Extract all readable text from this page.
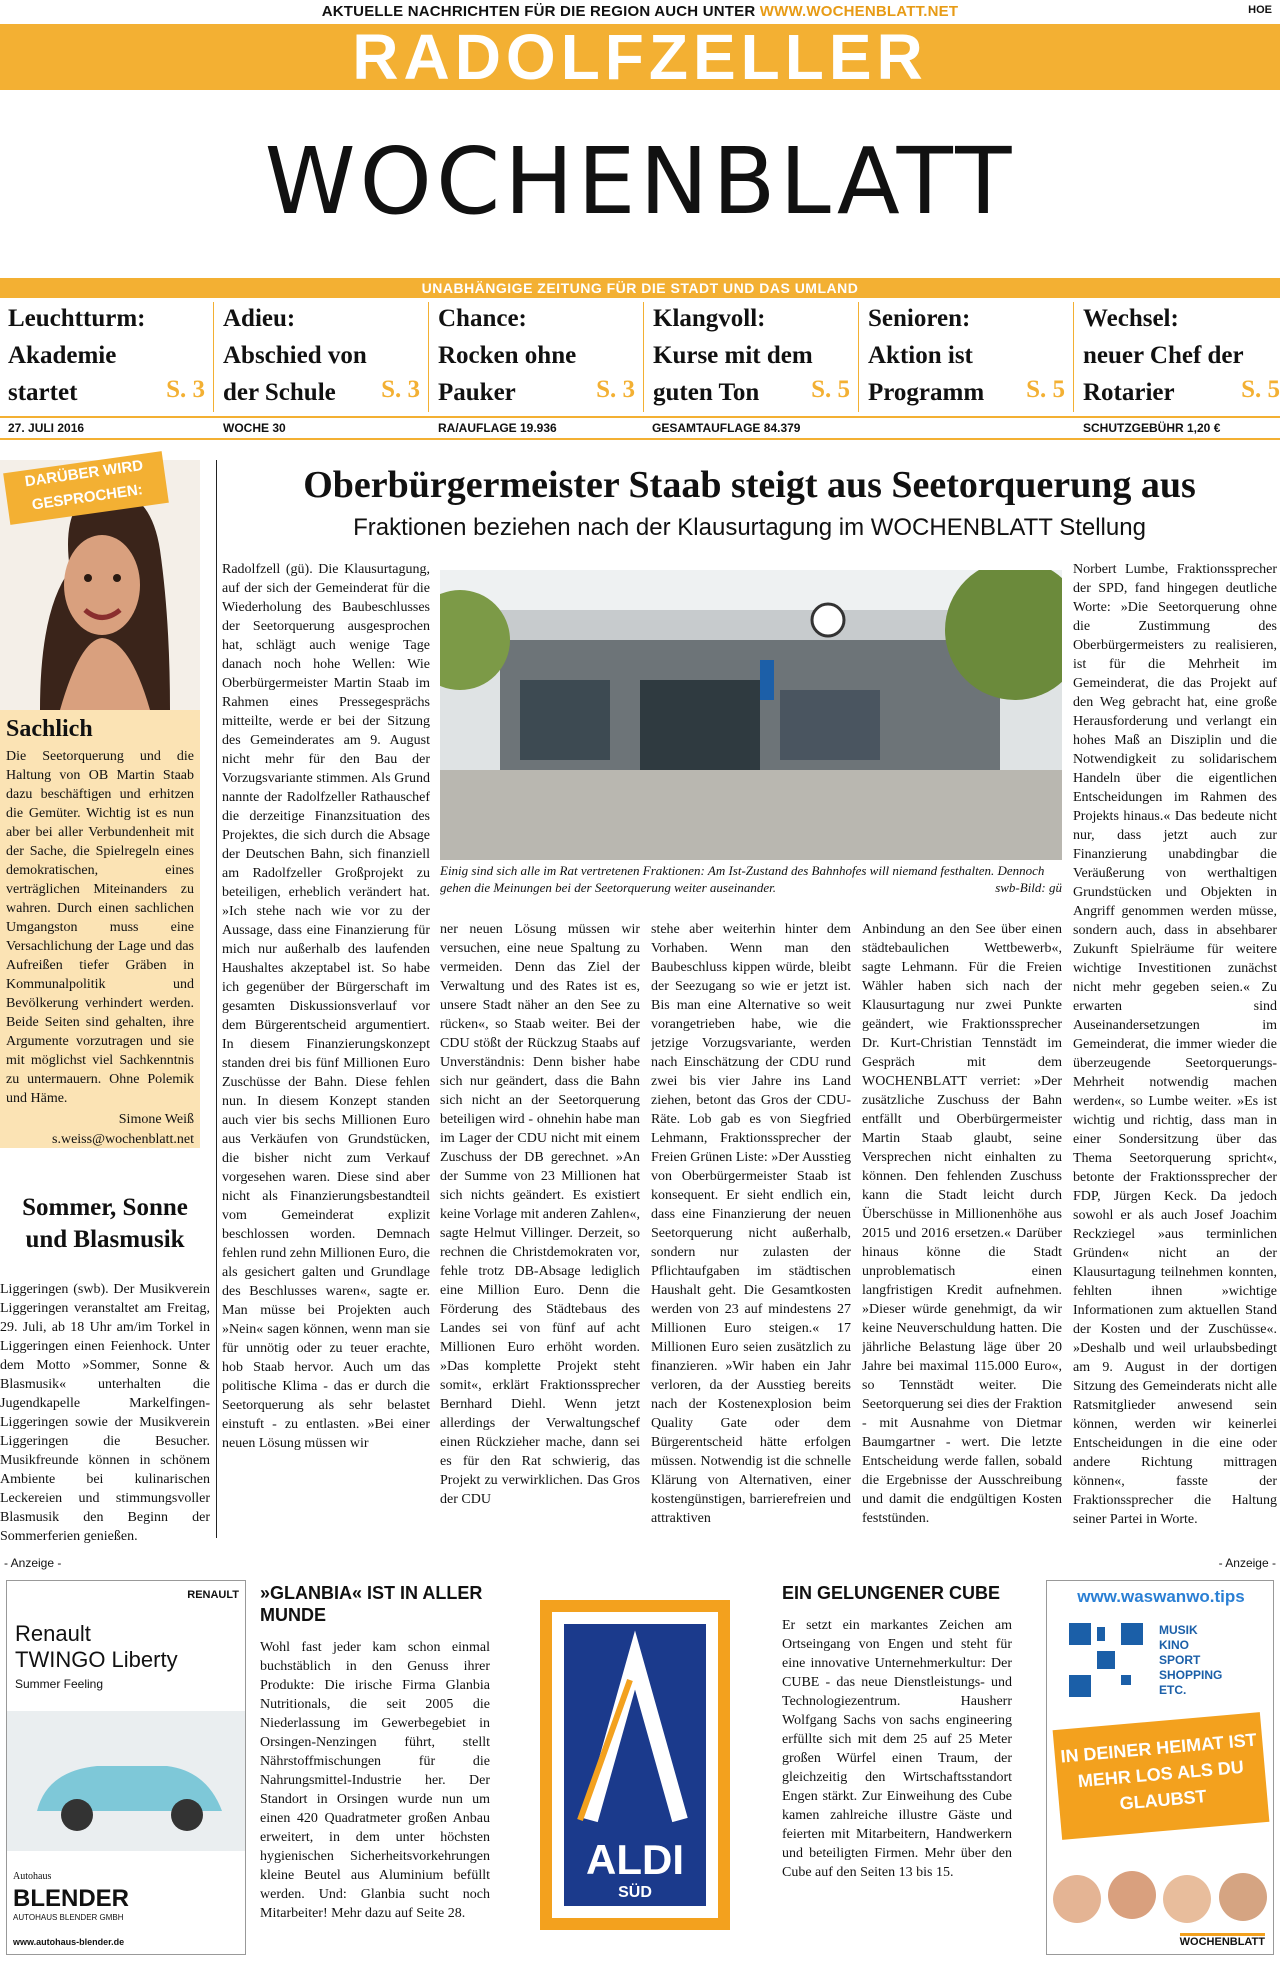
AKTUELLE NACHRICHTEN FÜR DIE REGION AUCH UNTER WWW.WOCHENBLATT.NET	HOE
RADOLFZELLER
WOCHENBLATT
UNABHÄNGIGE ZEITUNG FÜR DIE STADT UND DAS UMLAND
Leuchtturm:
Akademie
startet	S. 3
Adieu:
Abschied von
der Schule	S. 3
Chance:
Rocken ohne
Pauker	S. 3
Klangvoll:
Kurse mit dem
guten Ton	S. 5
Senioren:
Aktion ist
Programm	S. 5
Wechsel:
neuer Chef der
Rotarier	S. 5
27. JULI 2016	WOCHE 30	RA/AUFLAGE 19.936	GESAMTAUFLAGE 84.379	SCHUTZGEBÜHR 1,20 €
DARÜBER WIRD GESPROCHEN:
Sachlich

Die Seetorquerung und die Haltung von OB Martin Staab dazu beschäftigen und erhitzen die Gemüter. Wichtig ist es nun aber bei aller Verbundenheit mit der Sache, die Spielregeln eines demokratischen, eines verträglichen Miteinanders zu wahren. Durch einen sachlichen Umgangston muss eine Versachlichung der Lage und das Aufreißen tiefer Gräben in Kommunalpolitik und Bevölkerung verhindert werden. Beide Seiten sind gehalten, ihre Argumente vorzutragen und sie mit möglichst viel Sachkenntnis zu untermauern. Ohne Polemik und Häme.

Simone Weiß
s.weiss@wochenblatt.net
Sommer, Sonne und Blasmusik
Liggeringen (swb). Der Musikverein Liggeringen veranstaltet am Freitag, 29. Juli, ab 18 Uhr am/im Torkel in Liggeringen einen Feienhock. Unter dem Motto »Sommer, Sonne & Blasmusik« unterhalten die Jugendkapelle Markelfingen-Liggeringen sowie der Musikverein Liggeringen die Besucher. Musikfreunde können in schönem Ambiente bei kulinarischen Leckereien und stimmungsvoller Blasmusik den Beginn der Sommerferien genießen.
Oberbürgermeister Staab steigt aus Seetorquerung aus
Fraktionen beziehen nach der Klausurtagung im WOCHENBLATT Stellung
Radolfzell (gü). Die Klausurtagung, auf der sich der Gemeinderat für die Wiederholung des Baubeschlusses der Seetorquerung ausgesprochen hat, schlägt auch wenige Tage danach noch hohe Wellen: Wie Oberbürgermeister Martin Staab im Rahmen eines Pressegesprächs mitteilte, werde er bei der Sitzung des Gemeinderates am 9. August nicht mehr für den Bau der Vorzugsvariante stimmen. Als Grund nannte der Radolfzeller Rathauschef die derzeitige Finanzsituation des Projektes, die sich durch die Absage der Deutschen Bahn, sich finanziell am Radolfzeller Großprojekt zu beteiligen, erheblich verändert hat. »Ich stehe nach wie vor zu der Aussage, dass eine Finanzierung für mich nur außerhalb des laufenden Haushaltes akzeptabel ist. So habe ich gegenüber der Bürgerschaft im gesamten Diskussionsverlauf vor dem Bürgerentscheid argumentiert. In diesem Finanzierungskonzept standen drei bis fünf Millionen Euro Zuschüsse der Bahn. Diese fehlen nun. In diesem Konzept standen auch vier bis sechs Millionen Euro aus Verkäufen von Grundstücken, die bisher nicht zum Verkauf vorgesehen waren. Diese sind aber nicht als Finanzierungsbestandteil vom Gemeinderat explizit beschlossen worden. Demnach fehlen rund zehn Millionen Euro, die als gesichert galten und Grundlage des Beschlusses waren«, sagte er. Man müsse bei Projekten auch »Nein« sagen können, wenn man sie für unnötig oder zu teuer erachte, hob Staab hervor. Auch um das politische Klima - das er durch die Seetorquerung als sehr belastet einstuft - zu entlasten. »Bei einer neuen Lösung müssen wir
Einig sind sich alle im Rat vertretenen Fraktionen: Am Ist-Zustand des Bahnhofes will niemand festhalten. Dennoch gehen die Meinungen bei der Seetorquerung weiter auseinander.	swb-Bild: gü
ner neuen Lösung müssen wir versuchen, eine neue Spaltung zu vermeiden. Denn das Ziel der Verwaltung und des Rates ist es, unsere Stadt näher an den See zu rücken«, so Staab weiter. Bei der CDU stößt der Rückzug Staabs auf Unverständnis: Denn bisher habe sich nur geändert, dass die Bahn sich nicht an der Seetorquerung beteiligen wird - ohnehin habe man im Lager der CDU nicht mit einem Zuschuss der DB gerechnet. »An der Summe von 23 Millionen hat sich nichts geändert. Es existiert keine Vorlage mit anderen Zahlen«, sagte Helmut Villinger. Derzeit, so rechnen die Christdemokraten vor, fehle trotz DB-Absage lediglich eine Million Euro. Denn die Förderung des Städtebaus des Landes sei von fünf auf acht Millionen Euro erhöht worden. »Das komplette Projekt steht somit«, erklärt Fraktionssprecher Bernhard Diehl. Wenn jetzt allerdings der Verwaltungschef einen Rückzieher mache, dann sei es für den Rat schwierig, das Projekt zu verwirklichen. Das Gros der CDU
stehe aber weiterhin hinter dem Vorhaben. Wenn man den Baubeschluss kippen würde, bleibt der Seezugang so wie er jetzt ist. Bis man eine Alternative so weit vorangetrieben habe, wie die jetzige Vorzugsvariante, werden nach Einschätzung der CDU rund zwei bis vier Jahre ins Land ziehen, betont das Gros der CDU-Räte. Lob gab es von Siegfried Lehmann, Fraktionssprecher der Freien Grünen Liste: »Der Ausstieg von Oberbürgermeister Staab ist konsequent. Er sieht endlich ein, dass eine Finanzierung der neuen Seetorquerung nicht außerhalb, sondern nur zulasten der Pflichtaufgaben im städtischen Haushalt geht. Die Gesamtkosten werden von 23 auf mindestens 27 Millionen Euro steigen.« 17 Millionen Euro seien zusätzlich zu finanzieren. »Wir haben ein Jahr verloren, da der Ausstieg bereits nach der Kostenexplosion beim Quality Gate oder dem Bürgerentscheid hätte erfolgen müssen. Notwendig ist die schnelle Klärung von Alternativen, einer kostengünstigen, barrierefreien und attraktiven
Anbindung an den See über einen städtebaulichen Wettbewerb«, sagte Lehmann. Für die Freien Wähler haben sich nach der Klausurtagung nur zwei Punkte geändert, wie Fraktionssprecher Dr. Kurt-Christian Tennstädt im Gespräch mit dem WOCHENBLATT verriet: »Der zusätzliche Zuschuss der Bahn entfällt und Oberbürgermeister Martin Staab glaubt, seine Versprechen nicht einhalten zu können. Den fehlenden Zuschuss kann die Stadt leicht durch Überschüsse in Millionenhöhe aus 2015 und 2016 ersetzen.« Darüber hinaus könne die Stadt unproblematisch einen langfristigen Kredit aufnehmen. »Dieser würde genehmigt, da wir keine Neuverschuldung hatten. Die jährliche Belastung läge über 20 Jahre bei maximal 115.000 Euro«, so Tennstädt weiter. Die Seetorquerung sei dies der Fraktion - mit Ausnahme von Dietmar Baumgartner - wert. Die letzte Entscheidung werde fallen, sobald die Ergebnisse der Ausschreibung und damit die endgültigen Kosten feststünden.
Norbert Lumbe, Fraktionssprecher der SPD, fand hingegen deutliche Worte: »Die Seetorquerung ohne die Zustimmung des Oberbürgermeisters zu realisieren, ist für die Mehrheit im Gemeinderat, die das Projekt auf den Weg gebracht hat, eine große Herausforderung und verlangt ein hohes Maß an Disziplin und die Notwendigkeit zu solidarischem Handeln über die eigentlichen Entscheidungen im Rahmen des Projekts hinaus.« Das bedeute nicht nur, dass jetzt auch zur Finanzierung unabdingbar die Veräußerung von werthaltigen Grundstücken und Objekten in Angriff genommen werden müsse, sondern auch, dass in absehbarer Zukunft Spielräume für weitere wichtige Investitionen zunächst nicht mehr gegeben seien.« Zu erwarten sind Auseinandersetzungen im Gemeinderat, die immer wieder die überzeugende Seetorquerungs-Mehrheit notwendig machen werden«, so Lumbe weiter. »Es ist wichtig und richtig, dass man in einer Sondersitzung über das Thema Seetorquerung spricht«, betonte der Fraktionssprecher der FDP, Jürgen Keck. Da jedoch sowohl er als auch Josef Joachim Reckziegel »aus terminlichen Gründen« nicht an der Klausurtagung teilnehmen konnten, fehlten ihnen »wichtige Informationen zum aktuellen Stand der Kosten und der Zuschüsse«. »Deshalb und weil urlaubsbedingt am 9. August in der dortigen Sitzung des Gemeinderats nicht alle Ratsmitglieder anwesend sein können, werden wir keinerlei Entscheidungen in die eine oder andere Richtung mittragen können«, fasste der Fraktionssprecher die Haltung seiner Partei in Worte.
- Anzeige -	- Anzeige -
RENAULT
Renault
TWINGO Liberty
Summer Feeling
Autohaus
BLENDER
AUTOHAUS BLENDER GMBH
www.autohaus-blender.de
»GLANBIA« IST IN ALLER MUNDE
Wohl fast jeder kam schon einmal buchstäblich in den Genuss ihrer Produkte: Die irische Firma Glanbia Nutritionals, die seit 2005 die Niederlassung im Gewerbegebiet in Orsingen-Nenzingen führt, stellt Nährstoffmischungen für die Nahrungsmittel-Industrie her. Der Standort in Orsingen wurde nun um einen 420 Quadratmeter großen Anbau erweitert, in dem unter höchsten hygienischen Sicherheitsvorkehrungen kleine Beutel aus Aluminium befüllt werden. Und: Glanbia sucht noch Mitarbeiter! Mehr dazu auf Seite 28.
ALDI
SÜD
EIN GELUNGENER CUBE
Er setzt ein markantes Zeichen am Ortseingang von Engen und steht für eine innovative Unternehmerkultur: Der CUBE - das neue Dienstleistungs- und Technologiezentrum. Hausherr Wolfgang Sachs von sachs engineering erfüllte sich mit dem 25 auf 25 Meter großen Würfel einen Traum, der gleichzeitig den Wirtschaftsstandort Engen stärkt. Zur Einweihung des Cube kamen zahlreiche illustre Gäste und feierten mit Mitarbeitern, Handwerkern und beteiligten Firmen. Mehr über den Cube auf den Seiten 13 bis 15.
www.waswanwo.tips
MUSIK
KINO
SPORT
SHOPPING
ETC.
IN DEINER HEIMAT IST MEHR LOS ALS DU GLAUBST
WOCHENBLATT
